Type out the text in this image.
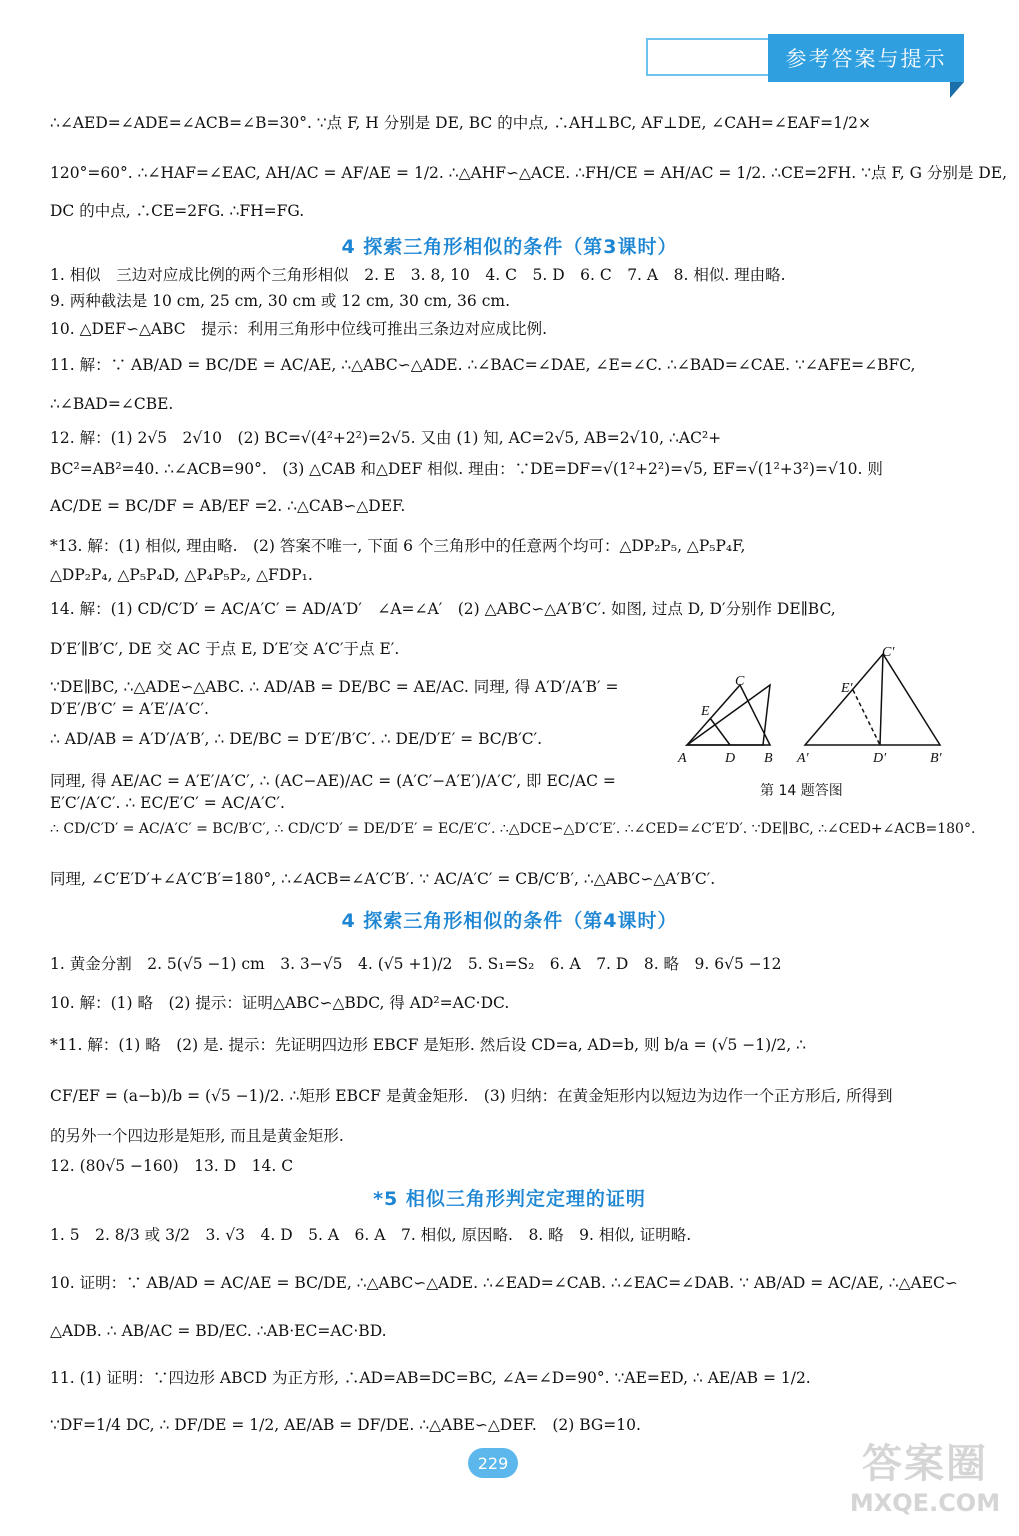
参考答案与提示
∴∠AED=∠ADE=∠ACB=∠B=30°. ∵点 F, H 分别是 DE, BC 的中点, ∴AH⊥BC, AF⊥DE, ∠CAH=∠EAF=1/2×
120°=60°. ∴∠HAF=∠EAC, AH/AC = AF/AE = 1/2. ∴△AHF∽△ACE. ∴FH/CE = AH/AC = 1/2. ∴CE=2FH. ∵点 F, G 分别是 DE,
DC 的中点, ∴CE=2FG. ∴FH=FG.
4 探索三角形相似的条件（第3课时）
1. 相似　三边对应成比例的两个三角形相似　2. E　3. 8, 10　4. C　5. D　6. C　7. A　8. 相似. 理由略.
9. 两种截法是 10 cm, 25 cm, 30 cm 或 12 cm, 30 cm, 36 cm.
10. △DEF∽△ABC　提示：利用三角形中位线可推出三条边对应成比例.
11. 解：∵ AB/AD = BC/DE = AC/AE, ∴△ABC∽△ADE. ∴∠BAC=∠DAE, ∠E=∠C. ∴∠BAD=∠CAE. ∵∠AFE=∠BFC,
∴∠BAD=∠CBE.
12. 解：(1) 2√5　2√10　(2) BC=√(4²+2²)=2√5. 又由 (1) 知, AC=2√5, AB=2√10, ∴AC²+
BC²=AB²=40. ∴∠ACB=90°.　(3) △CAB 和△DEF 相似. 理由：∵DE=DF=√(1²+2²)=√5, EF=√(1²+3²)=√10. 则
AC/DE = BC/DF = AB/EF =2. ∴△CAB∽△DEF.
*13. 解：(1) 相似, 理由略.　(2) 答案不唯一, 下面 6 个三角形中的任意两个均可：△DP₂P₅, △P₅P₄F,
△DP₂P₄, △P₅P₄D, △P₄P₅P₂, △FDP₁.
14. 解：(1) CD/C′D′ = AC/A′C′ = AD/A′D′　∠A=∠A′　(2) △ABC∽△A′B′C′. 如图, 过点 D, D′分别作 DE∥BC,
D′E′∥B′C′, DE 交 AC 于点 E, D′E′交 A′C′于点 E′.
∵DE∥BC, ∴△ADE∽△ABC. ∴ AD/AB = DE/BC = AE/AC. 同理, 得 A′D′/A′B′ = D′E′/B′C′ = A′E′/A′C′.
∴ AD/AB = A′D′/A′B′, ∴ DE/BC = D′E′/B′C′. ∴ DE/D′E′ = BC/B′C′.
同理, 得 AE/AC = A′E′/A′C′, ∴ (AC−AE)/AC = (A′C′−A′E′)/A′C′, 即 EC/AC = E′C′/A′C′. ∴ EC/E′C′ = AC/A′C′.
∴ CD/C′D′ = AC/A′C′ = BC/B′C′, ∴ CD/C′D′ = DE/D′E′ = EC/E′C′. ∴△DCE∽△D′C′E′. ∴∠CED=∠C′E′D′. ∵DE∥BC, ∴∠CED+∠ACB=180°.
同理, ∠C′E′D′+∠A′C′B′=180°, ∴∠ACB=∠A′C′B′. ∵ AC/A′C′ = CB/C′B′, ∴△ABC∽△A′B′C′.
A	D B
C
E
A′	D′	B′
C′
E′
第 14 题答图
4 探索三角形相似的条件（第4课时）
1. 黄金分割　2. 5(√5 −1) cm　3. 3−√5　4. (√5 +1)/2　5. S₁=S₂　6. A　7. D　8. 略　9. 6√5 −12
10. 解：(1) 略　(2) 提示：证明△ABC∽△BDC, 得 AD²=AC·DC.
*11. 解：(1) 略　(2) 是. 提示：先证明四边形 EBCF 是矩形. 然后设 CD=a, AD=b, 则 b/a = (√5 −1)/2, ∴
CF/EF = (a−b)/b = (√5 −1)/2. ∴矩形 EBCF 是黄金矩形.　(3) 归纳：在黄金矩形内以短边为边作一个正方形后, 所得到
的另外一个四边形是矩形, 而且是黄金矩形.
12. (80√5 −160)　13. D　14. C
*5 相似三角形判定定理的证明
1. 5　2. 8/3 或 3/2　3. √3　4. D　5. A　6. A　7. 相似, 原因略.　8. 略　9. 相似, 证明略.
10. 证明：∵ AB/AD = AC/AE = BC/DE, ∴△ABC∽△ADE. ∴∠EAD=∠CAB. ∴∠EAC=∠DAB. ∵ AB/AD = AC/AE, ∴△AEC∽
△ADB. ∴ AB/AC = BD/EC. ∴AB·EC=AC·BD.
11. (1) 证明：∵四边形 ABCD 为正方形, ∴AD=AB=DC=BC, ∠A=∠D=90°. ∵AE=ED, ∴ AE/AB = 1/2.
∵DF=1/4 DC, ∴ DF/DE = 1/2, AE/AB = DF/DE. ∴△ABE∽△DEF.　(2) BG=10.
229	答案圈
MXQE.COM
